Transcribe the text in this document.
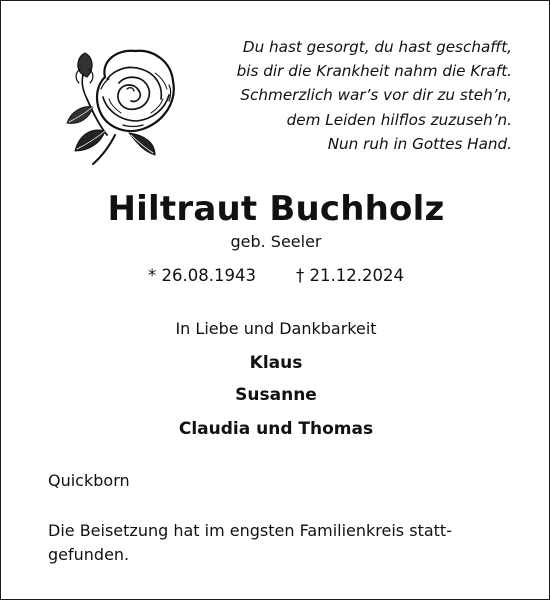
Du hast gesorgt, du hast geschafft,
bis dir die Krankheit nahm die Kraft.
Schmerzlich war’s vor dir zu steh’n,
dem Leiden hilflos zuzuseh’n.
Nun ruh in Gottes Hand.
Hiltraut Buchholz
geb. Seeler
* 26.08.1943 † 21.12.2024
In Liebe und Dankbarkeit
Klaus
Susanne
Claudia und Thomas
Quickborn
Die Beisetzung hat im engsten Familienkreis statt-
gefunden.
